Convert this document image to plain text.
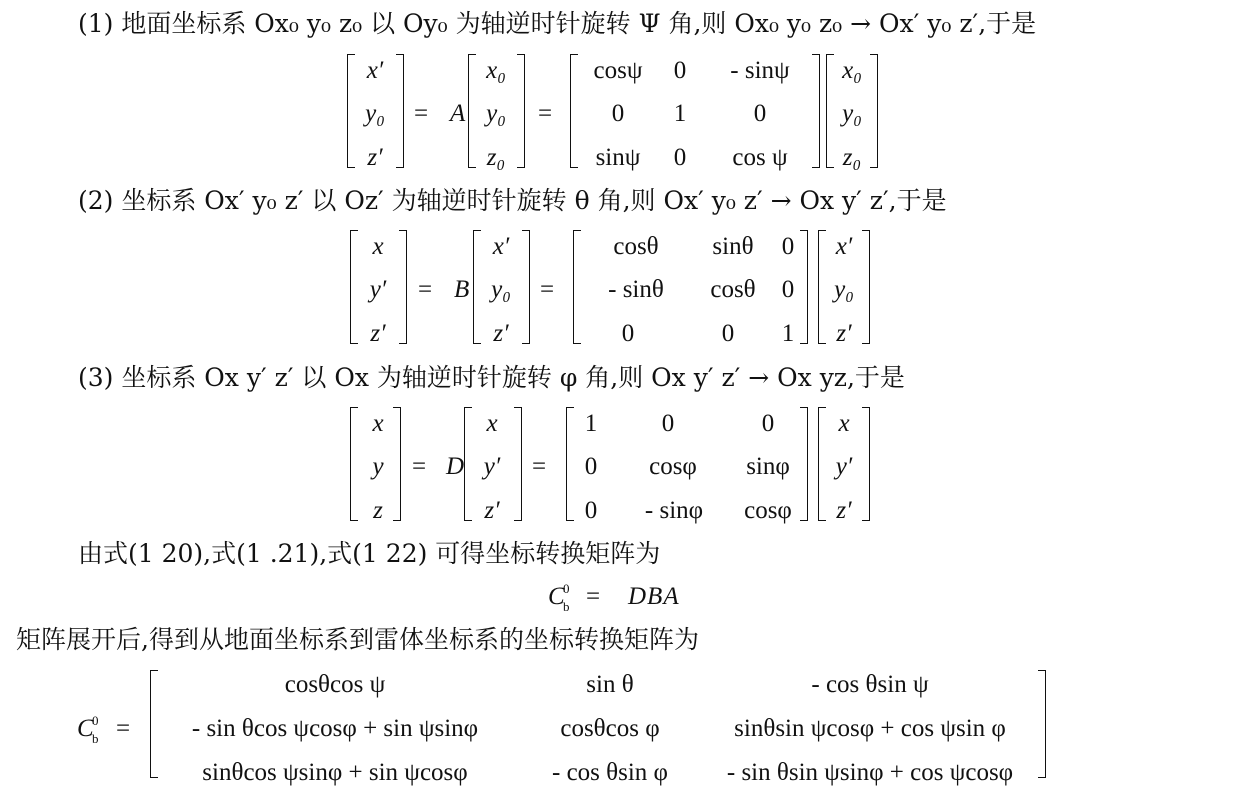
(1) 地面坐标系 Ox₀ y₀ z₀ 以 Oy₀ 为轴逆时针旋转 Ψ 角,则 Ox₀ y₀ z₀ → Ox′ y₀ z′,于是
x′
y₀
z′
= A
x₀
y₀
z₀
=
cosψ	0	- sinψ
0	1	0
sinψ	0	cos ψ
x₀
y₀
z₀
(2) 坐标系 Ox′ y₀ z′ 以 Oz′ 为轴逆时针旋转 θ 角,则 Ox′ y₀ z′ → Ox y′ z′,于是
x
y′
z′
= B
x′
y₀
z′
=
cosθ	sinθ	0
- sinθ	cosθ	0
0	0	1
x′
y₀
z′
(3) 坐标系 Ox y′ z′ 以 Ox 为轴逆时针旋转 φ 角,则 Ox y′ z′ → Ox yz,于是
x
y
z
= D
x
y′
z′
=
1	0	0
0	cosφ	sinφ
0	- sinφ	cosφ
x
y′
z′
由式(1 20),式(1 .21),式(1 22) 可得坐标转换矩阵为
C
0
b = DBA
矩阵展开后,得到从地面坐标系到雷体坐标系的坐标转换矩阵为
C
0
b =
cosθcos ψ	sin θ	- cos θsin ψ
- sin θcos ψcosφ + sin ψsinφ	cosθcos φ	sinθsin ψcosφ + cos ψsin φ
sinθcos ψsinφ + sin ψcosφ	- cos θsin φ	- sin θsin ψsinφ + cos ψcosφ
